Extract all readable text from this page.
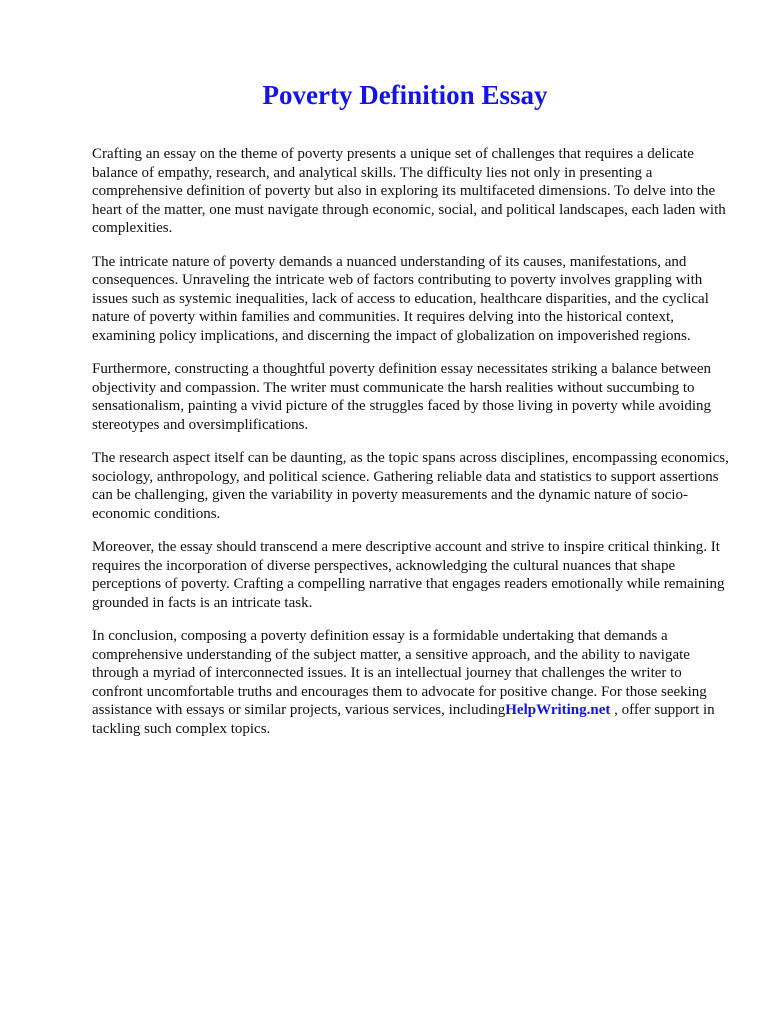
Poverty Definition Essay

Crafting an essay on the theme of poverty presents a unique set of challenges that requires a delicate balance of empathy, research, and analytical skills. The difficulty lies not only in presenting a comprehensive definition of poverty but also in exploring its multifaceted dimensions. To delve into the heart of the matter, one must navigate through economic, social, and political landscapes, each laden with complexities.

The intricate nature of poverty demands a nuanced understanding of its causes, manifestations, and consequences. Unraveling the intricate web of factors contributing to poverty involves grappling with issues such as systemic inequalities, lack of access to education, healthcare disparities, and the cyclical nature of poverty within families and communities. It requires delving into the historical context, examining policy implications, and discerning the impact of globalization on impoverished regions.

Furthermore, constructing a thoughtful poverty definition essay necessitates striking a balance between objectivity and compassion. The writer must communicate the harsh realities without succumbing to sensationalism, painting a vivid picture of the struggles faced by those living in poverty while avoiding stereotypes and oversimplifications.

The research aspect itself can be daunting, as the topic spans across disciplines, encompassing economics, sociology, anthropology, and political science. Gathering reliable data and statistics to support assertions can be challenging, given the variability in poverty measurements and the dynamic nature of socio-economic conditions.

Moreover, the essay should transcend a mere descriptive account and strive to inspire critical thinking. It requires the incorporation of diverse perspectives, acknowledging the cultural nuances that shape perceptions of poverty. Crafting a compelling narrative that engages readers emotionally while remaining grounded in facts is an intricate task.

In conclusion, composing a poverty definition essay is a formidable undertaking that demands a comprehensive understanding of the subject matter, a sensitive approach, and the ability to navigate through a myriad of interconnected issues. It is an intellectual journey that challenges the writer to confront uncomfortable truths and encourages them to advocate for positive change. For those seeking assistance with essays or similar projects, various services, includingHelpWriting.net , offer support in tackling such complex topics.
